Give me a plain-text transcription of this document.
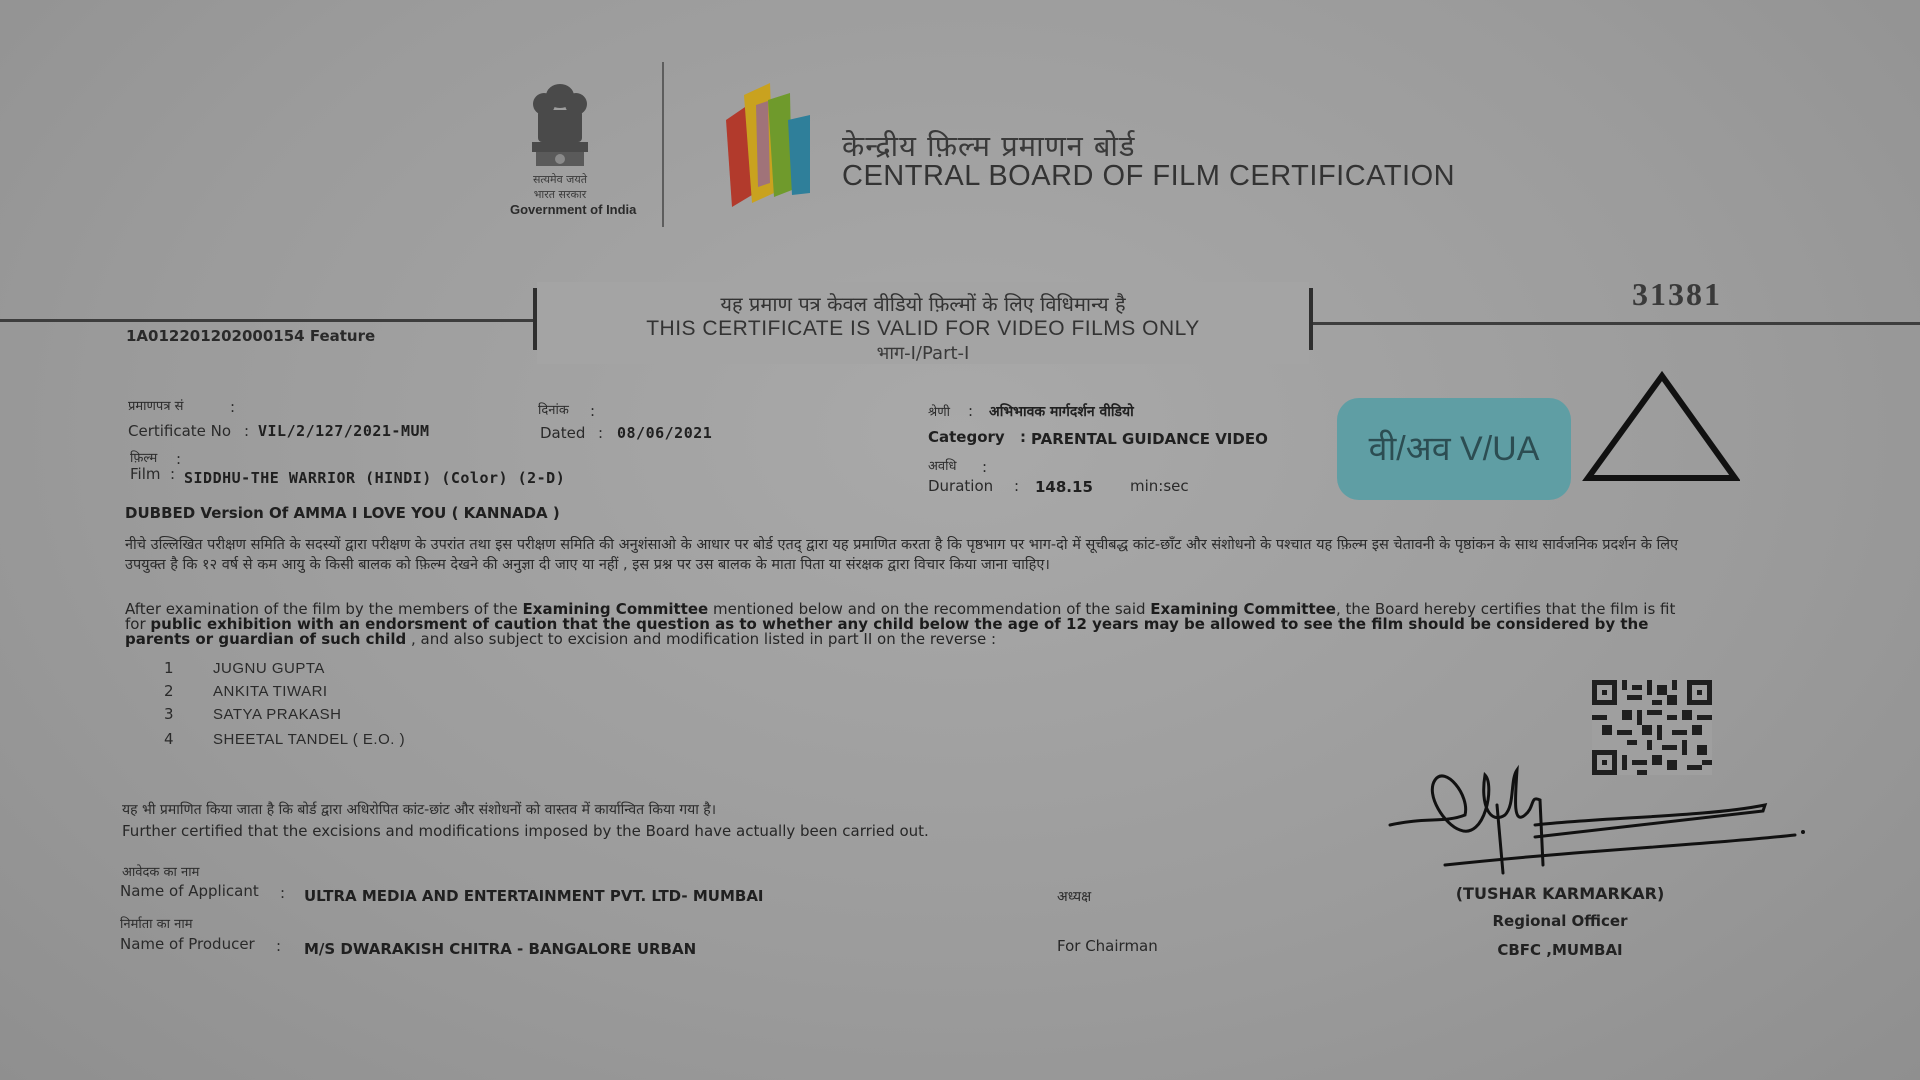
सत्यमेव जयते
भारत सरकार
Government of India
केन्द्रीय फ़िल्म प्रमाणन बोर्ड
CENTRAL BOARD OF FILM CERTIFICATION
यह प्रमाण पत्र केवल वीडियो फ़िल्मों के लिए विधिमान्य है
THIS CERTIFICATE IS VALID FOR VIDEO FILMS ONLY
भाग-I/Part-I
31381
1A012201202000154 Feature
प्रमाणपत्र सं	:
Certificate No : VIL/2/127/2021-MUM
दिनांक :
Dated : 08/06/2021
फ़िल्म :
Film : SIDDHU-THE WARRIOR (HINDI) (Color) (2-D)
श्रेणी : अभिभावक मार्गदर्शन वीडियो
Category : PARENTAL GUIDANCE VIDEO
अवधि :
Duration : 148.15 min:sec
वी/अव V/UA
DUBBED Version Of AMMA I LOVE YOU ( KANNADA )
नीचे उल्लिखित परीक्षण समिति के सदस्यों द्वारा परीक्षण के उपरांत तथा इस परीक्षण समिति की अनुशंसाओ के आधार पर बोर्ड एतद् द्वारा यह प्रमाणित करता है कि पृष्ठभाग पर भाग-दो में सूचीबद्ध कांट-छाँट और संशोधनो के पश्चात यह फ़िल्म इस चेतावनी के पृष्ठांकन के साथ सार्वजनिक प्रदर्शन के लिए उपयुक्त है कि १२ वर्ष से कम आयु के किसी बालक को फ़िल्म देखने की अनुज्ञा दी जाए या नहीं , इस प्रश्न पर उस बालक के माता पिता या संरक्षक द्वारा विचार किया जाना चाहिए।
After examination of the film by the members of the Examining Committee mentioned below and on the recommendation of the said Examining Committee, the Board hereby certifies that the film is fit for public exhibition with an endorsment of caution that the question as to whether any child below the age of 12 years may be allowed to see the film should be considered by the parents or guardian of such child , and also subject to excision and modification listed in part II on the reverse :
1	JUGNU GUPTA
2	ANKITA TIWARI
3	SATYA PRAKASH
4	SHEETAL TANDEL ( E.O. )
यह भी प्रमाणित किया जाता है कि बोर्ड द्वारा अधिरोपित कांट-छांट और संशोधनों को वास्तव में कार्यान्वित किया गया है।
Further certified that the excisions and modifications imposed by the Board have actually been carried out.
आवेदक का नाम
Name of Applicant : ULTRA MEDIA AND ENTERTAINMENT PVT. LTD- MUMBAI
निर्माता का नाम
Name of Producer : M/S DWARAKISH CHITRA - BANGALORE URBAN
अध्यक्ष
For Chairman
(TUSHAR KARMARKAR)
Regional Officer
CBFC ,MUMBAI
